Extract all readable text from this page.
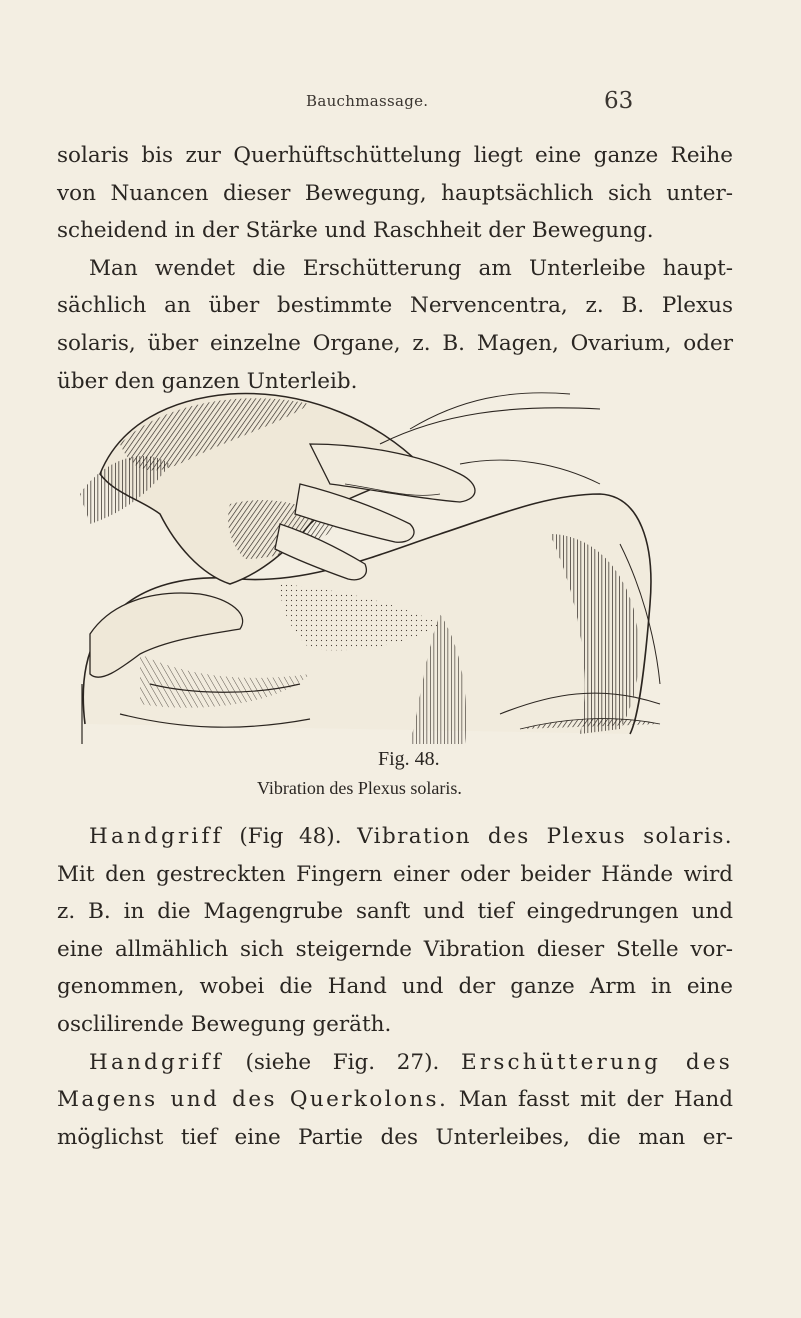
Bauchmassage.	63
solaris bis zur Querhüftschüttelung liegt eine ganze Reihe
von Nuancen dieser Bewegung, hauptsächlich sich unter-
scheidend in der Stärke und Raschheit der Bewegung.
Man wendet die Erschütterung am Unterleibe haupt-
sächlich an über bestimmte Nervencentra, z. B. Plexus
solaris, über einzelne Organe, z. B. Magen, Ovarium, oder
über den ganzen Unterleib.
Fig. 48.
Vibration des Plexus solaris.
Handgriff (Fig 48). Vibration des Plexus solaris.
Mit den gestreckten Fingern einer oder beider Hände wird
z. B. in die Magengrube sanft und tief eingedrungen und
eine allmählich sich steigernde Vibration dieser Stelle vor-
genommen, wobei die Hand und der ganze Arm in eine
osclilirende Bewegung geräth.
Handgriff (siehe Fig. 27). Erschütterung des
Magens und des Querkolons. Man fasst mit der Hand
möglichst tief eine Partie des Unterleibes, die man er-
